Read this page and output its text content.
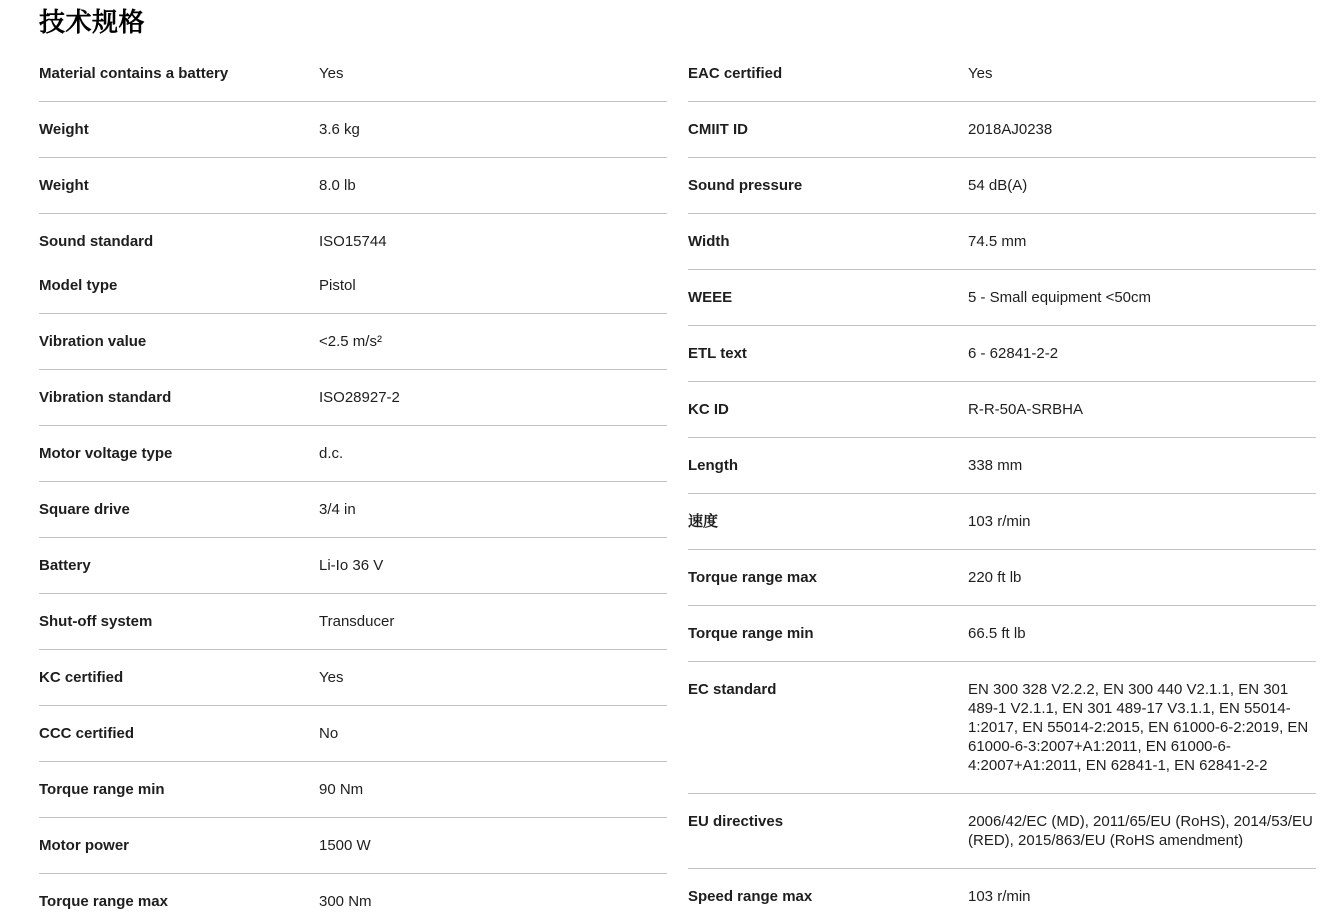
技术规格
Material contains a battery	Yes
Weight	3.6 kg
Weight	8.0 lb
Sound standard	ISO15744
Model type	Pistol
Vibration value	<2.5 m/s²
Vibration standard	ISO28927-2
Motor voltage type	d.c.
Square drive	3/4 in
Battery	Li-Io 36 V
Shut-off system	Transducer
KC certified	Yes
CCC certified	No
Torque range min	90 Nm
Motor power	1500 W
Torque range max	300 Nm
EAC certified	Yes
CMIIT ID	2018AJ0238
Sound pressure	54 dB(A)
Width	74.5 mm
WEEE	5 - Small equipment <50cm
ETL text	6 - 62841-2-2
KC ID	R-R-50A-SRBHA
Length	338 mm
速度	103 r/min
Torque range max	220 ft lb
Torque range min	66.5 ft lb
EC standard	EN 300 328 V2.2.2, EN 300 440 V2.1.1, EN 301 489-1 V2.1.1, EN 301 489-17 V3.1.1, EN 55014-1:2017, EN 55014-2:2015, EN 61000-6-2:2019, EN 61000-6-3:2007+A1:2011, EN 61000-6-4:2007+A1:2011, EN 62841-1, EN 62841-2-2
EU directives	2006/42/EC (MD), 2011/65/EU (RoHS), 2014/53/EU (RED), 2015/863/EU (RoHS amendment)
Speed range max	103 r/min
